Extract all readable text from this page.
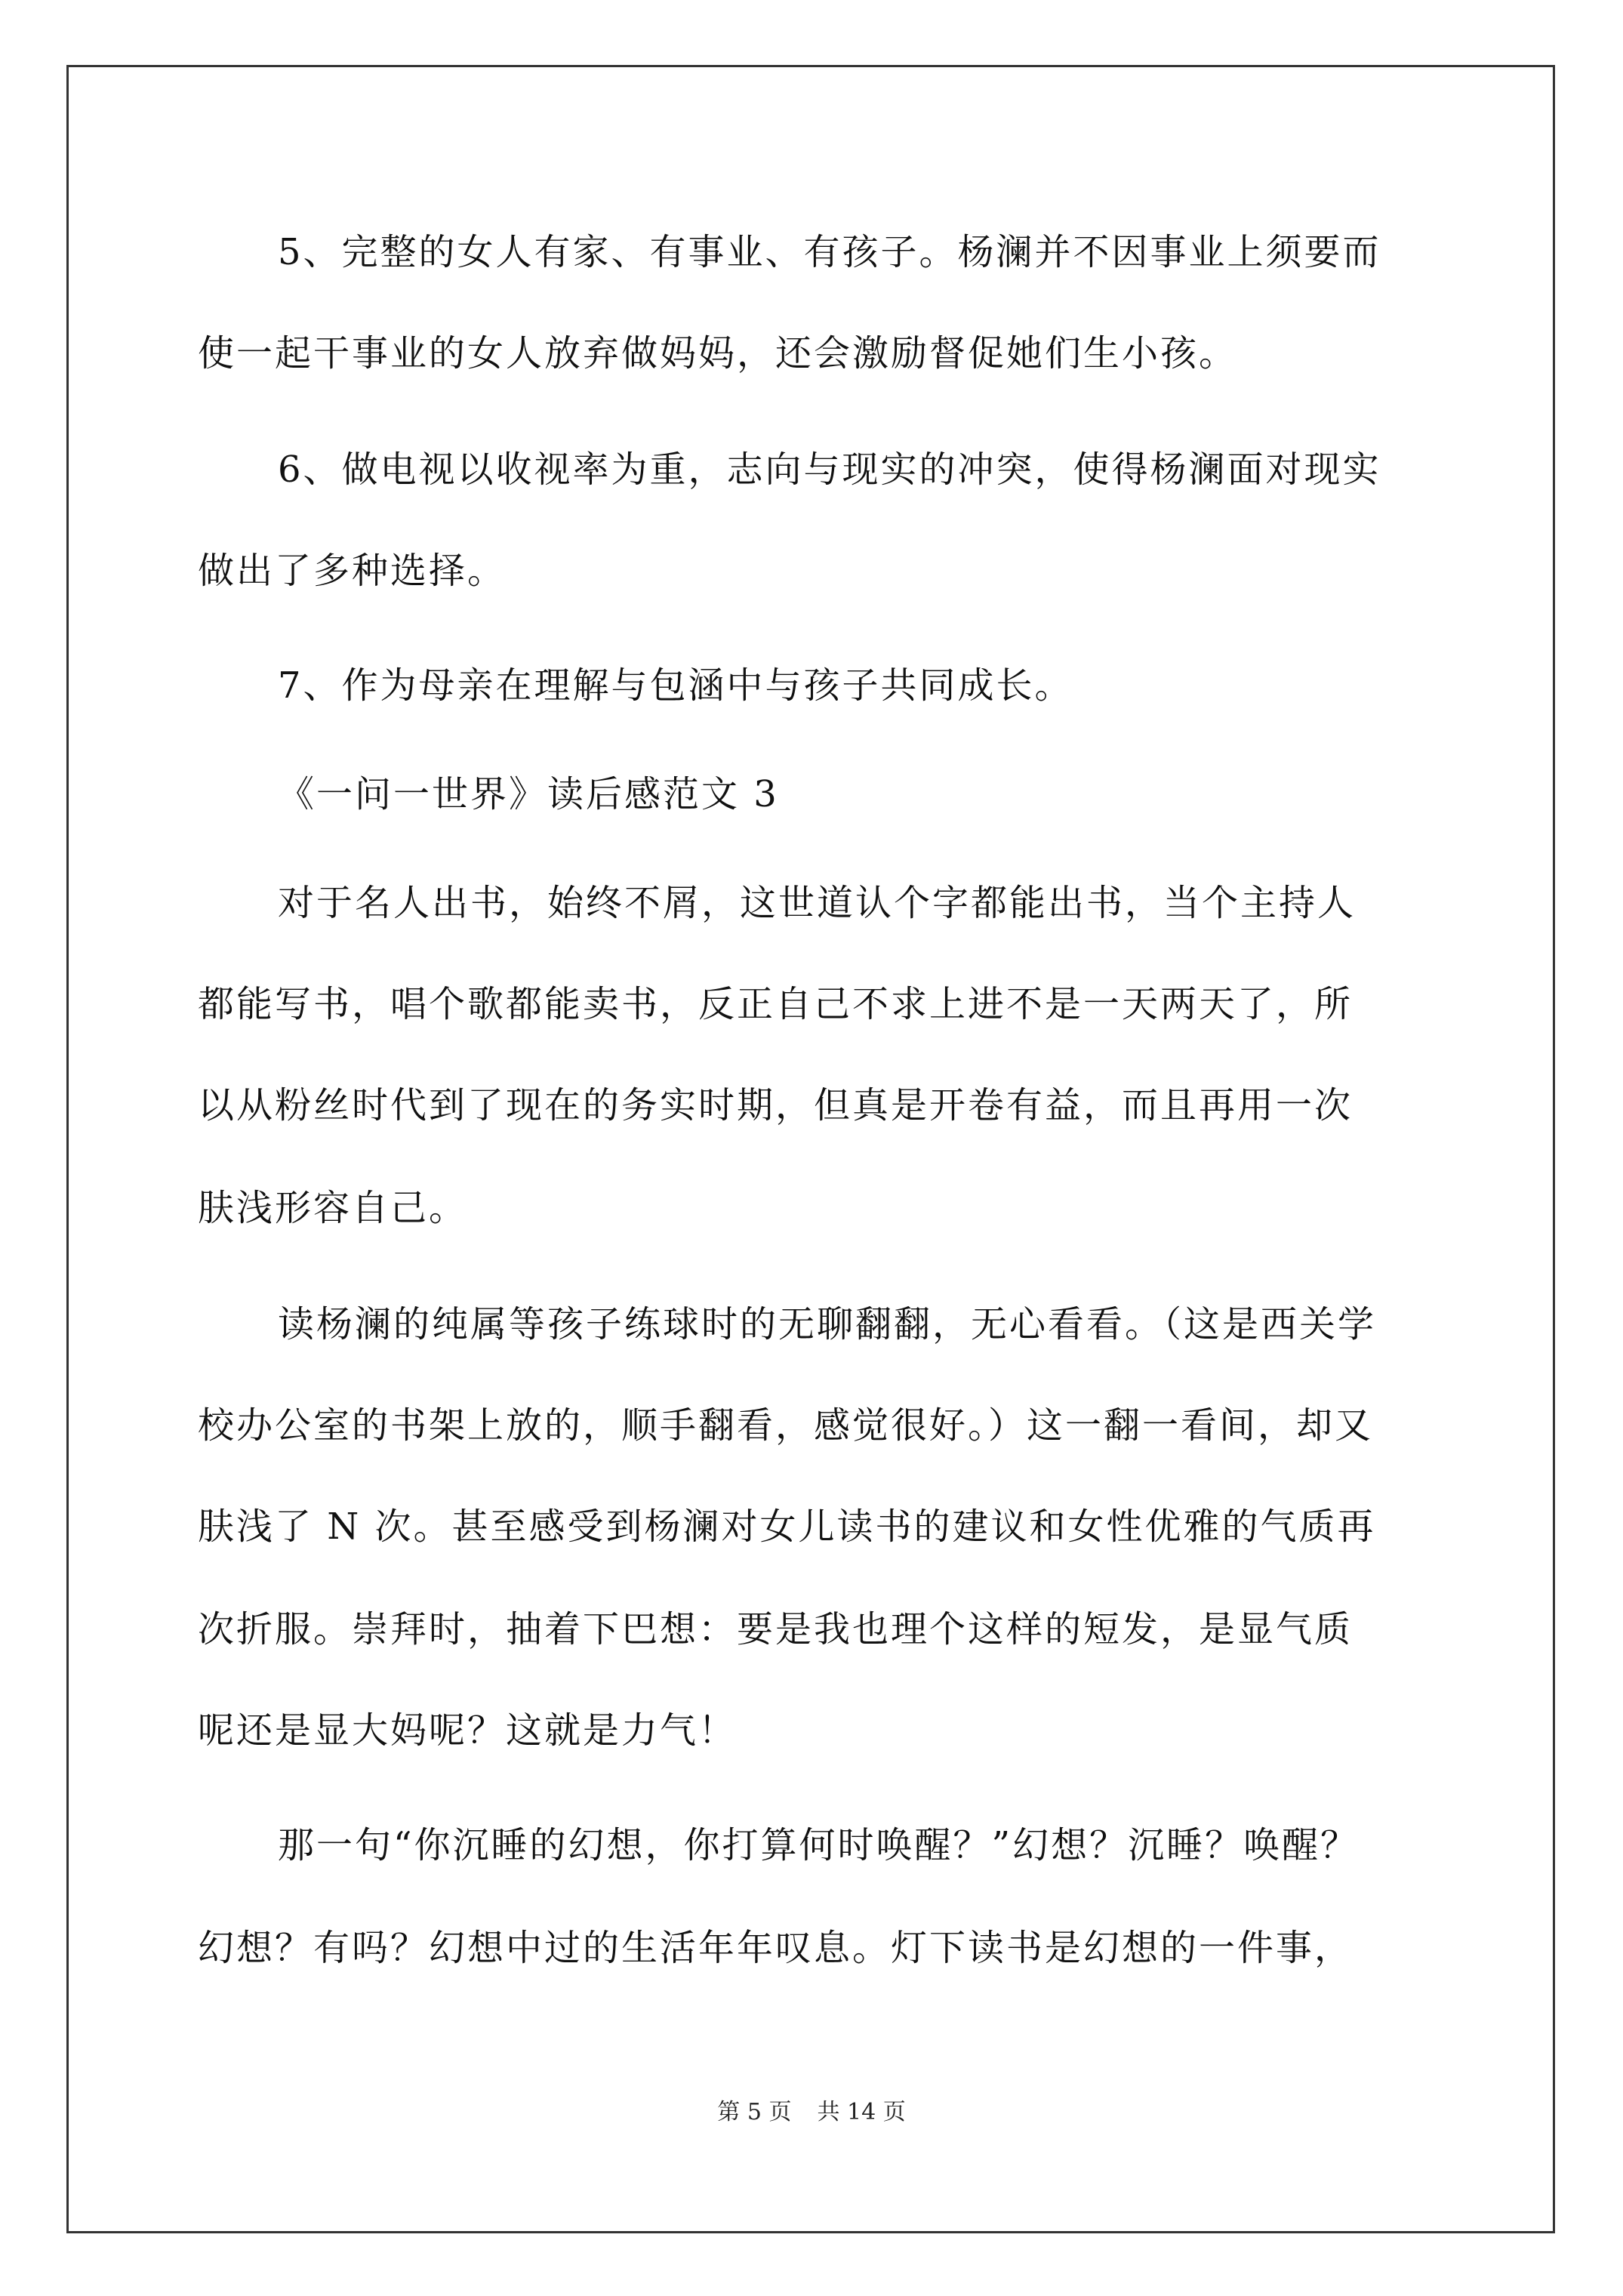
5、完整的女人有家、有事业、有孩子。杨澜并不因事业上须要而
使一起干事业的女人放弃做妈妈，还会激励督促她们生小孩。
6、做电视以收视率为重，志向与现实的冲突，使得杨澜面对现实
做出了多种选择。
7、作为母亲在理解与包涵中与孩子共同成长。
《一问一世界》读后感范文 3
对于名人出书，始终不屑，这世道认个字都能出书，当个主持人
都能写书，唱个歌都能卖书，反正自己不求上进不是一天两天了，所
以从粉丝时代到了现在的务实时期，但真是开卷有益，而且再用一次
肤浅形容自己。
读杨澜的纯属等孩子练球时的无聊翻翻，无心看看。（这是西关学
校办公室的书架上放的，顺手翻看，感觉很好。）这一翻一看间，却又
肤浅了 N 次。甚至感受到杨澜对女儿读书的建议和女性优雅的气质再
次折服。崇拜时，抽着下巴想：要是我也理个这样的短发，是显气质
呢还是显大妈呢？这就是力气！
那一句“你沉睡的幻想，你打算何时唤醒？”幻想？沉睡？唤醒？
幻想？有吗？幻想中过的生活年年叹息。灯下读书是幻想的一件事，
第 5 页 共 14 页
